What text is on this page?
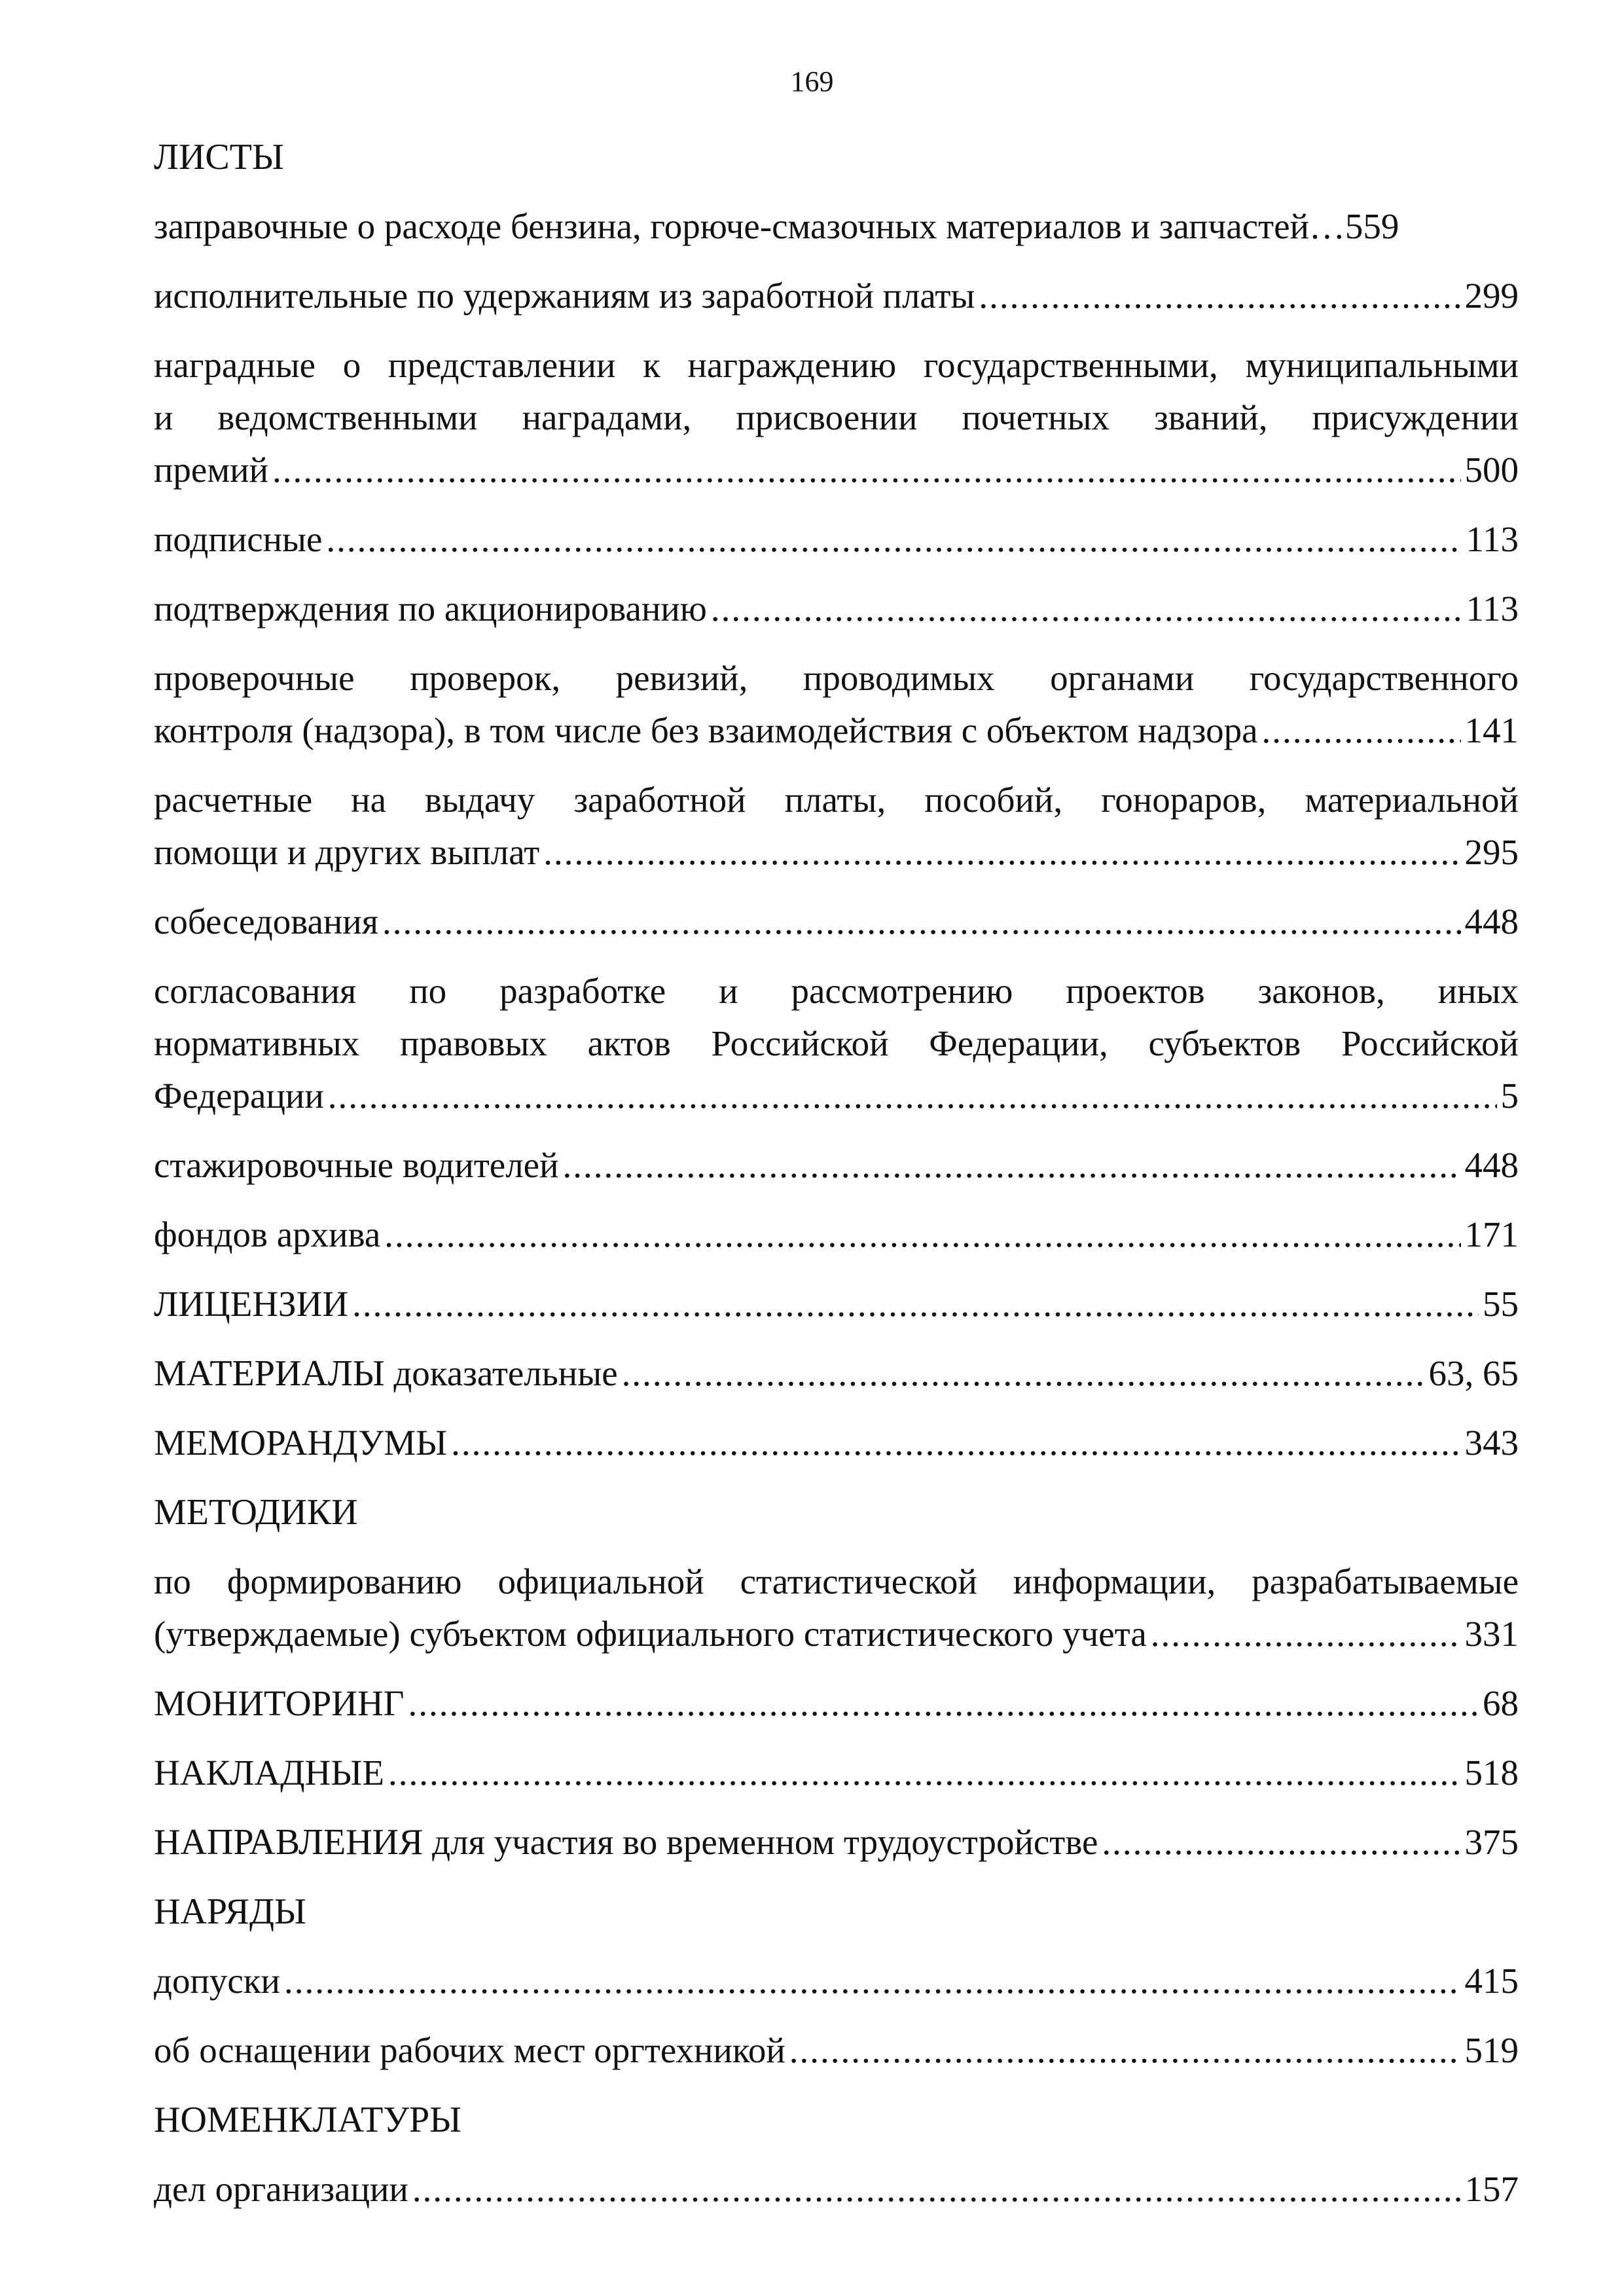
169
ЛИСТЫ
заправочные о расходе бензина, горюче-смазочных материалов и запчастей…559
исполнительные по удержаниям из заработной платы .....	299
наградные о представлении к награждению государственными, муниципальными
и ведомственными наградами, присвоении почетных званий, присуждении
премий .....	500
подписные .....	113
подтверждения по акционированию .....	113
проверочные проверок, ревизий, проводимых органами государственного
контроля (надзора), в том числе без взаимодействия с объектом надзора .....	141
расчетные на выдачу заработной платы, пособий, гонораров, материальной
помощи и других выплат .....	295
собеседования .....	448
согласования по разработке и рассмотрению проектов законов, иных
нормативных правовых актов Российской Федерации, субъектов Российской
Федерации .....	5
стажировочные водителей .....	448
фондов архива .....	171
ЛИЦЕНЗИИ .....	55
МАТЕРИАЛЫ доказательные .....	63, 65
МЕМОРАНДУМЫ .....	343
МЕТОДИКИ
по формированию официальной статистической информации, разрабатываемые
(утверждаемые) субъектом официального статистического учета .....	331
МОНИТОРИНГ .....	68
НАКЛАДНЫЕ .....	518
НАПРАВЛЕНИЯ для участия во временном трудоустройстве .....	375
НАРЯДЫ
допуски .....	415
об оснащении рабочих мест оргтехникой .....	519
НОМЕНКЛАТУРЫ
дел организации .....	157
